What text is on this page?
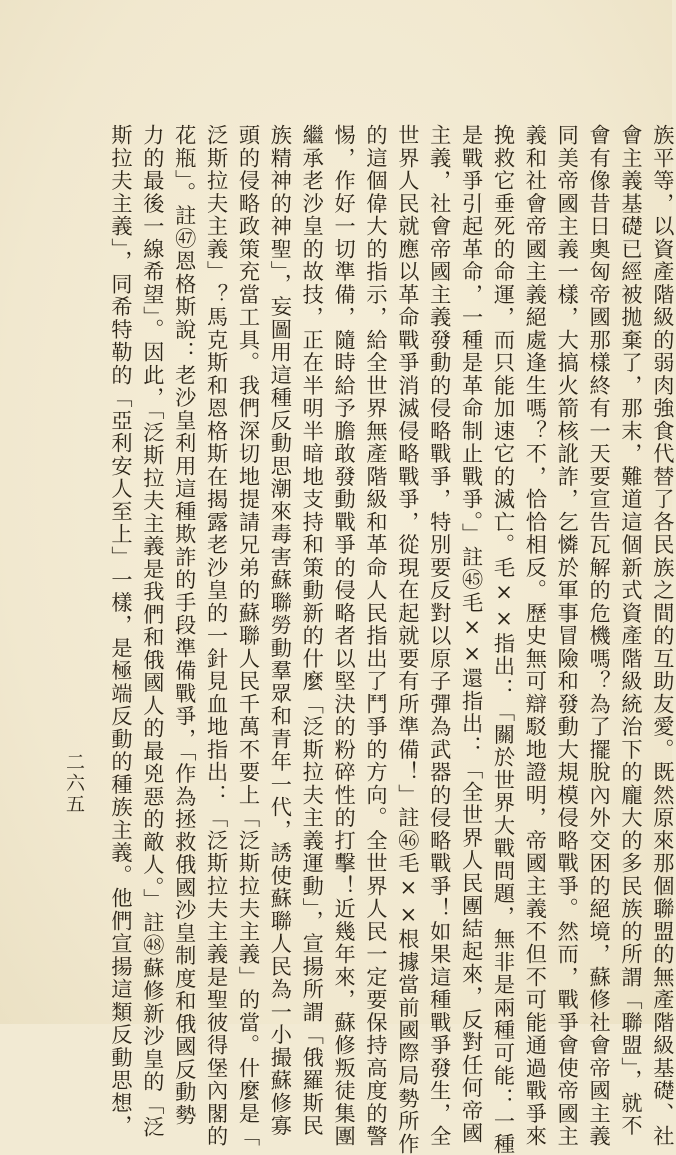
族平等，以資產階級的弱肉強食代替了各民族之間的互助友愛。既然原來那個聯盟的無產階級基礎、社
會主義基礎已經被拋棄了，那末，難道這個新式資產階級統治下的龐大的多民族的所謂「聯盟」，就不
會有像昔日奧匈帝國那樣終有一天要宣告瓦解的危機嗎？為了擺脫內外交困的絕境，蘇修社會帝國主義
同美帝國主義一樣，大搞火箭核訛詐，乞憐於軍事冒險和發動大規模侵略戰爭。然而，戰爭會使帝國主
義和社會帝國主義絕處逢生嗎？不，恰恰相反。歷史無可辯駁地證明，帝國主義不但不可能通過戰爭來
挽救它垂死的命運，而只能加速它的滅亡。毛××指出：「關於世界大戰問題，無非是兩種可能：一種
是戰爭引起革命，一種是革命制止戰爭。」註㊺毛××還指出：「全世界人民團結起來，反對任何帝國
主義，社會帝國主義發動的侵略戰爭，特別要反對以原子彈為武器的侵略戰爭！如果這種戰爭發生，全
世界人民就應以革命戰爭消滅侵略戰爭，從現在起就要有所準備！」註㊻毛××根據當前國際局勢所作
的這個偉大的指示，給全世界無產階級和革命人民指出了鬥爭的方向。全世界人民一定要保持高度的警
惕，作好一切準備，隨時給予膽敢發動戰爭的侵略者以堅決的粉碎性的打擊！近幾年來，蘇修叛徒集團
繼承老沙皇的故技，正在半明半暗地支持和策動新的什麼「泛斯拉夫主義運動」，宣揚所謂「俄羅斯民
族精神的神聖」，妄圖用這種反動思潮來毒害蘇聯勞動羣眾和青年一代，誘使蘇聯人民為一小撮蘇修寡
頭的侵略政策充當工具。我們深切地提請兄弟的蘇聯人民千萬不要上「泛斯拉夫主義」的當。什麼是「
泛斯拉夫主義」？馬克斯和恩格斯在揭露老沙皇的一針見血地指出：「泛斯拉夫主義是聖彼得堡內閣的
花瓶」。註㊼恩格斯說：老沙皇利用這種欺詐的手段準備戰爭，「作為拯救俄國沙皇制度和俄國反動勢
力的最後一線希望」。因此，「泛斯拉夫主義是我們和俄國人的最兇惡的敵人。」註㊽蘇修新沙皇的「泛
斯拉夫主義」，同希特勒的「亞利安人至上」一樣，是極端反動的種族主義。他們宣揚這類反動思想，
二六五
